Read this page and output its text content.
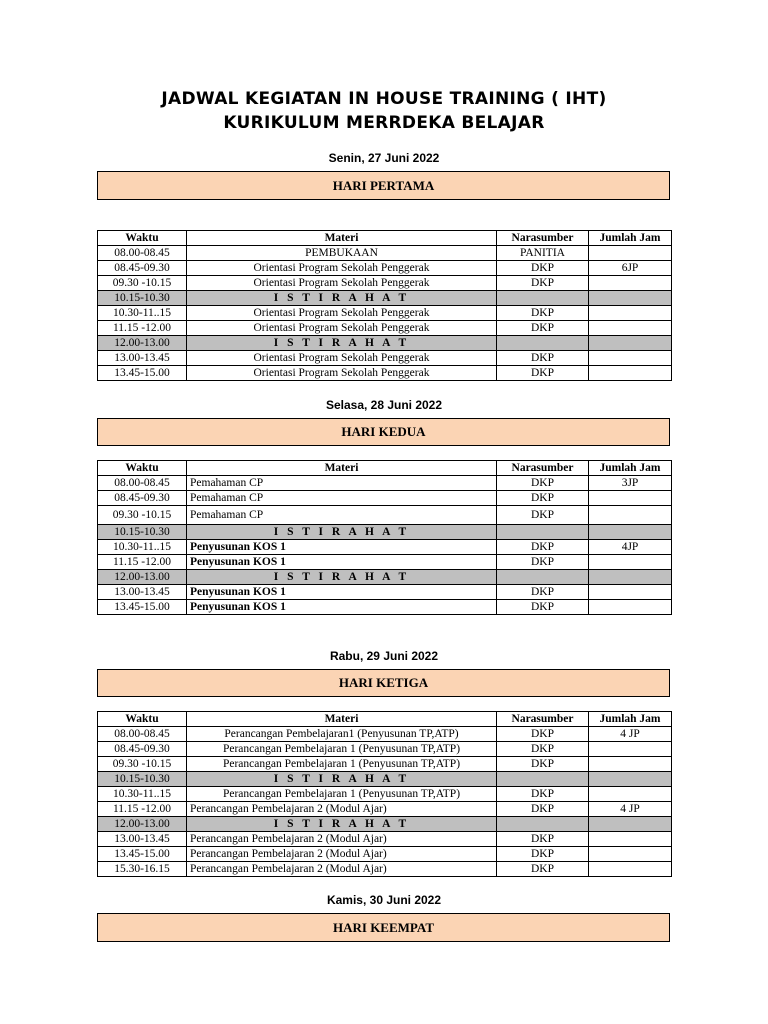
JADWAL KEGIATAN IN HOUSE TRAINING ( IHT)
KURIKULUM MERRDEKA BELAJAR
Senin, 27 Juni 2022
HARI PERTAMA
Waktu	Materi	Narasumber	Jumlah Jam
08.00-08.45	PEMBUKAAN	PANITIA	
08.45-09.30	Orientasi Program Sekolah Penggerak	DKP	6JP
09.30 -10.15	Orientasi Program Sekolah Penggerak	DKP	
10.15-10.30	I S T I R A H A T		
10.30-11..15	Orientasi Program Sekolah Penggerak	DKP	
11.15 -12.00	Orientasi Program Sekolah Penggerak	DKP	
12.00-13.00	I S T I R A H A T		
13.00-13.45	Orientasi Program Sekolah Penggerak	DKP	
13.45-15.00	Orientasi Program Sekolah Penggerak	DKP	
Selasa, 28 Juni 2022
HARI KEDUA
Waktu	Materi	Narasumber	Jumlah Jam
08.00-08.45	Pemahaman CP	DKP	3JP
08.45-09.30	Pemahaman CP	DKP	
09.30 -10.15	Pemahaman CP	DKP	
10.15-10.30	I S T I R A H A T		
10.30-11..15	Penyusunan KOS 1	DKP	4JP
11.15 -12.00	Penyusunan KOS 1	DKP	
12.00-13.00	I S T I R A H A T		
13.00-13.45	Penyusunan KOS 1	DKP	
13.45-15.00	Penyusunan KOS 1	DKP	
Rabu, 29 Juni 2022
HARI KETIGA
Waktu	Materi	Narasumber	Jumlah Jam
08.00-08.45	Perancangan Pembelajaran1 (Penyusunan TP,ATP)	DKP	4 JP
08.45-09.30	Perancangan Pembelajaran 1 (Penyusunan TP,ATP)	DKP	
09.30 -10.15	Perancangan Pembelajaran 1 (Penyusunan TP,ATP)	DKP	
10.15-10.30	I S T I R A H A T		
10.30-11..15	Perancangan Pembelajaran 1 (Penyusunan TP,ATP)	DKP	
11.15 -12.00	Perancangan Pembelajaran 2 (Modul Ajar)	DKP	4 JP
12.00-13.00	I S T I R A H A T		
13.00-13.45	Perancangan Pembelajaran 2 (Modul Ajar)	DKP	
13.45-15.00	Perancangan Pembelajaran 2 (Modul Ajar)	DKP	
15.30-16.15	Perancangan Pembelajaran 2 (Modul Ajar)	DKP	
Kamis, 30 Juni 2022
HARI KEEMPAT
